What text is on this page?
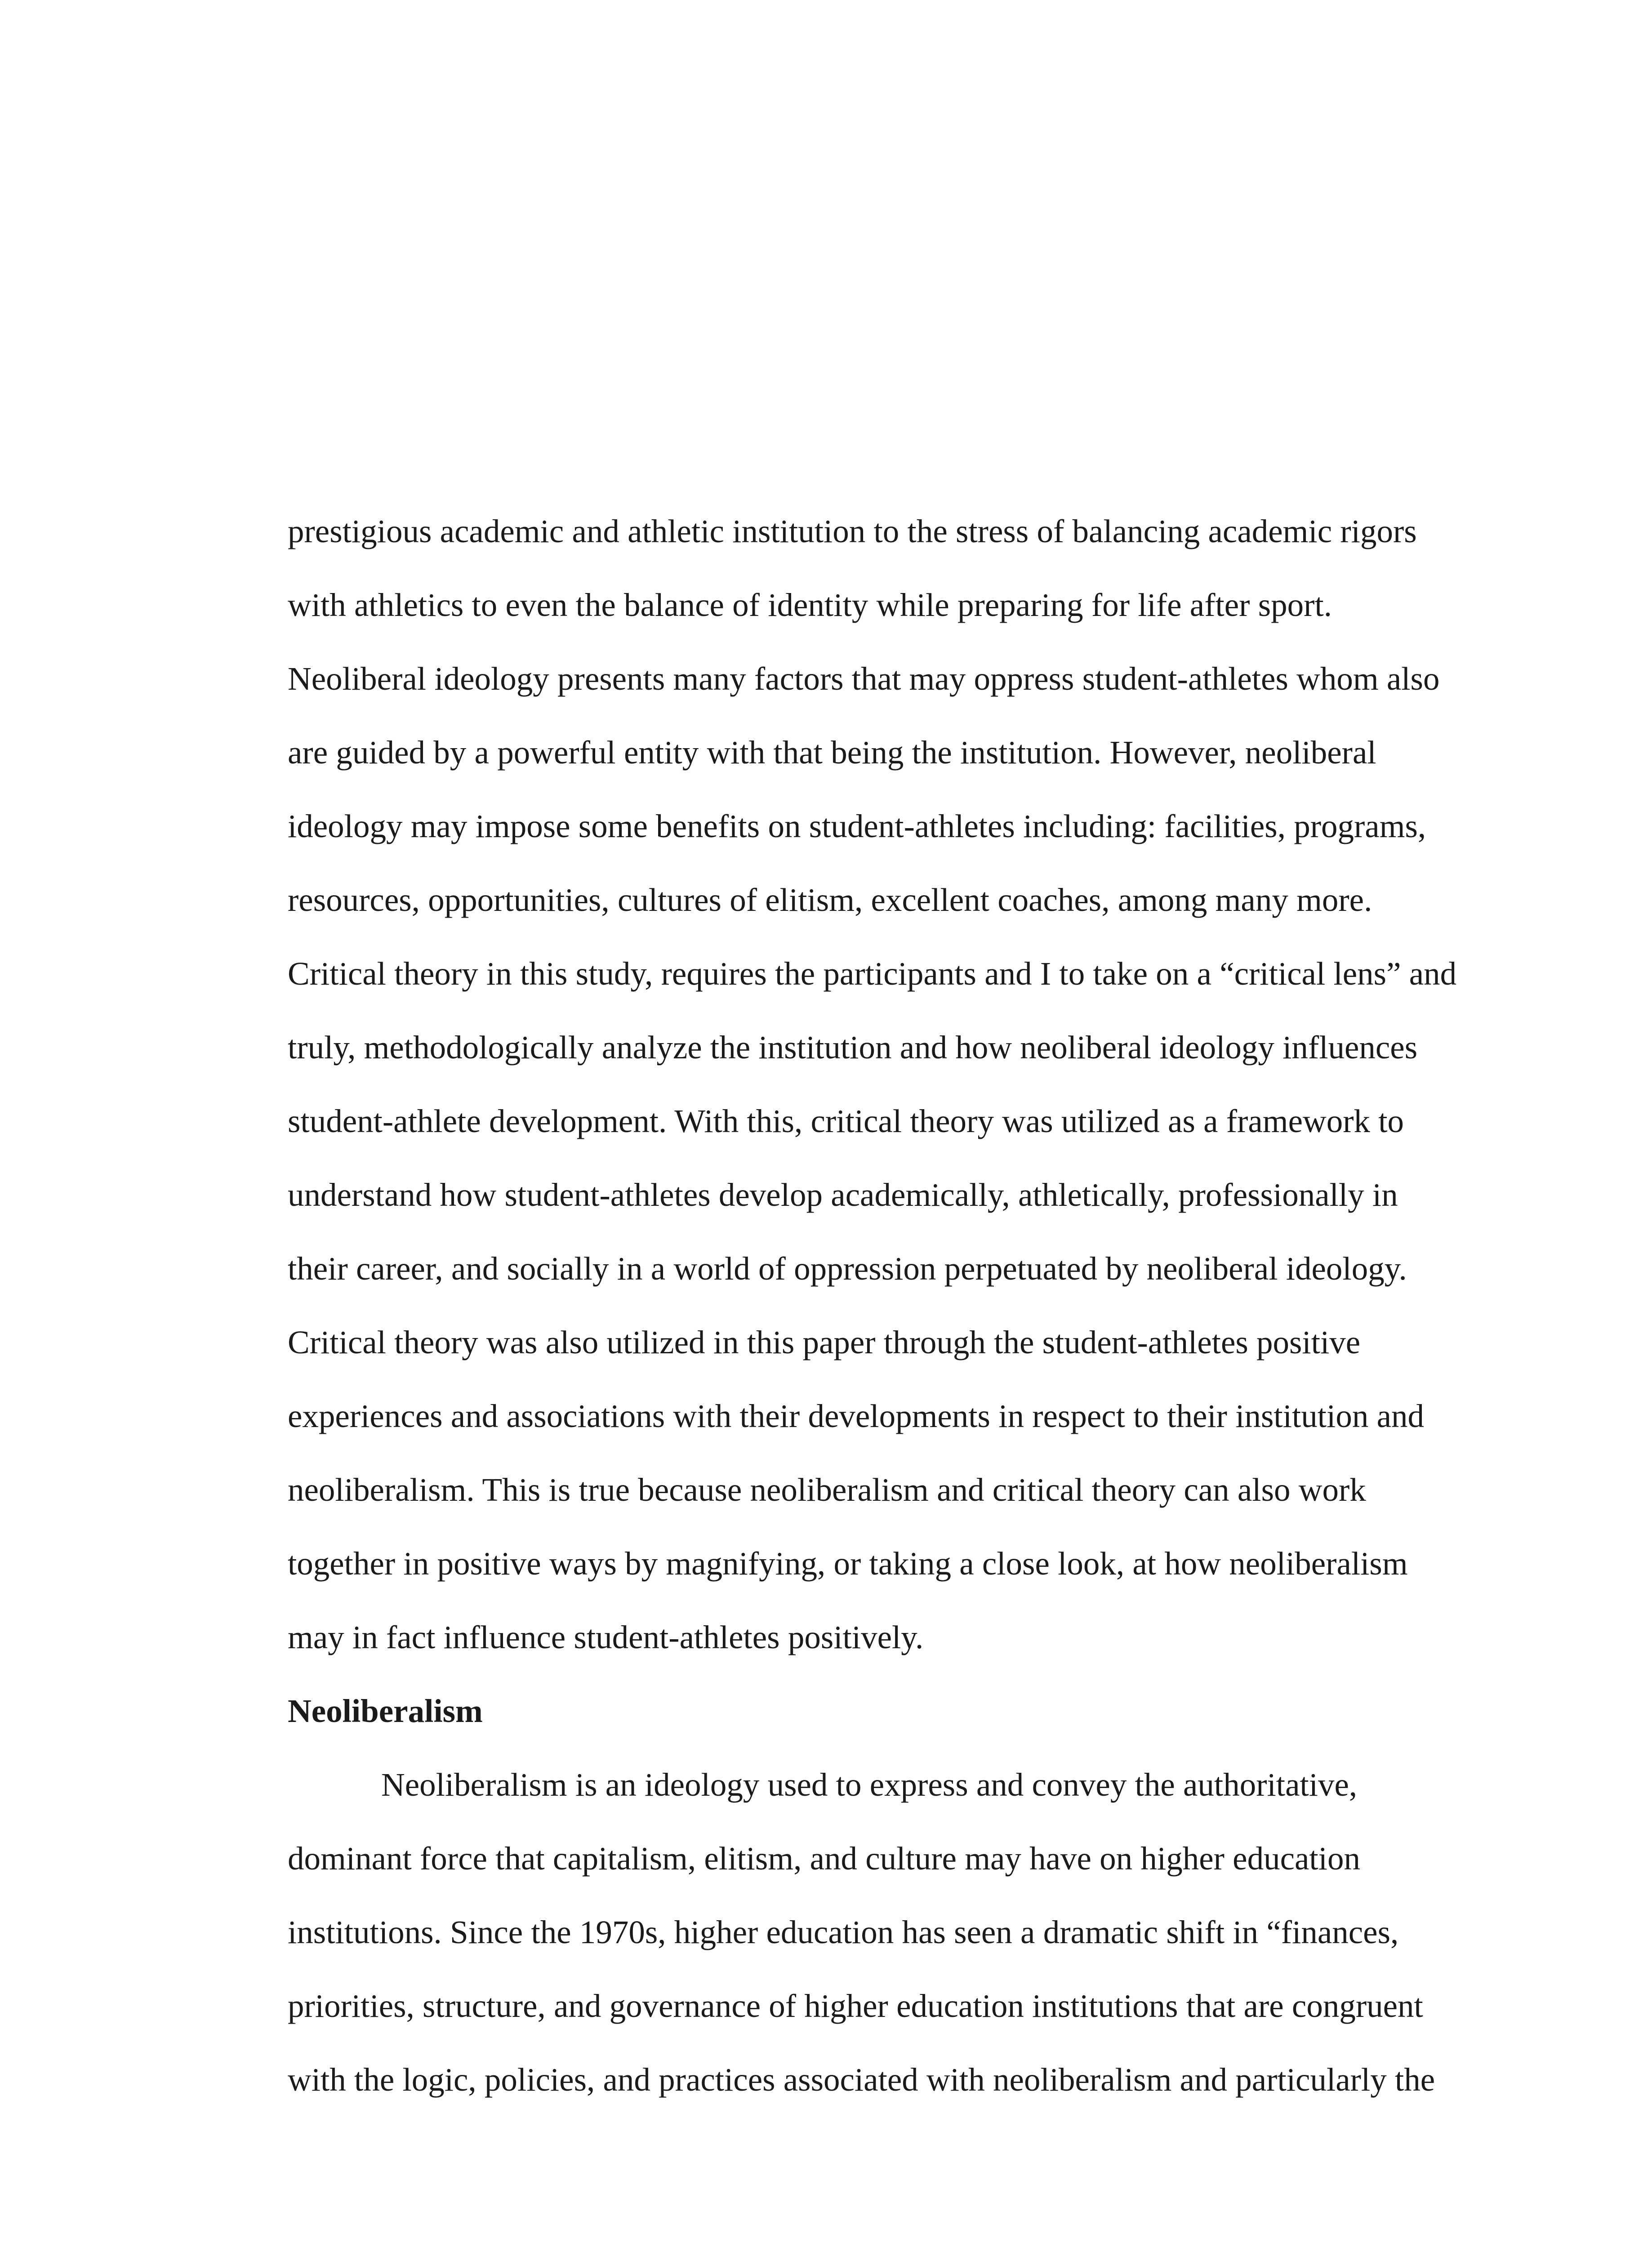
prestigious academic and athletic institution to the stress of balancing academic rigors
with athletics to even the balance of identity while preparing for life after sport.
Neoliberal ideology presents many factors that may oppress student-athletes whom also
are guided by a powerful entity with that being the institution. However, neoliberal
ideology may impose some benefits on student-athletes including: facilities, programs,
resources, opportunities, cultures of elitism, excellent coaches, among many more.
Critical theory in this study, requires the participants and I to take on a “critical lens” and
truly, methodologically analyze the institution and how neoliberal ideology influences
student-athlete development. With this, critical theory was utilized as a framework to
understand how student-athletes develop academically, athletically, professionally in
their career, and socially in a world of oppression perpetuated by neoliberal ideology.
Critical theory was also utilized in this paper through the student-athletes positive
experiences and associations with their developments in respect to their institution and
neoliberalism. This is true because neoliberalism and critical theory can also work
together in positive ways by magnifying, or taking a close look, at how neoliberalism
may in fact influence student-athletes positively.
Neoliberalism
Neoliberalism is an ideology used to express and convey the authoritative,
dominant force that capitalism, elitism, and culture may have on higher education
institutions. Since the 1970s, higher education has seen a dramatic shift in “finances,
priorities, structure, and governance of higher education institutions that are congruent
with the logic, policies, and practices associated with neoliberalism and particularly the
